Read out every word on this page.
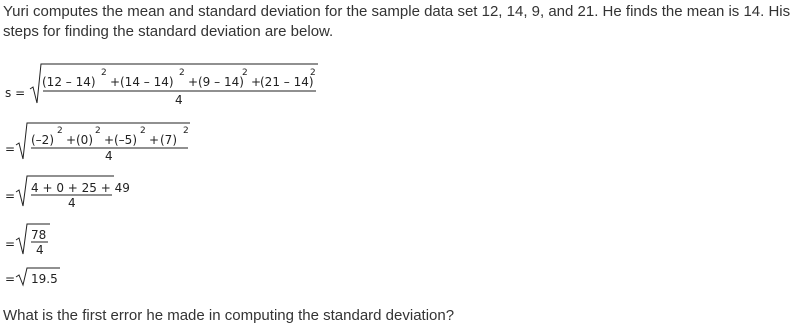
Yuri computes the mean and standard deviation for the sample data set 12, 14, 9, and 21. He finds the mean is 14. His steps for finding the standard deviation are below.
s =
(12 – 14)
2
+ (14 – 14)
2
+ (9 – 14)
2
+
(21 – 14)
2
4
=
(–2)
2
+ (0)
2
+ (–5)
2
+ (7)
2
4
=
4 + 0 + 25 + 49
4
=
78
4
= 19.5
What is the first error he made in computing the standard deviation?
